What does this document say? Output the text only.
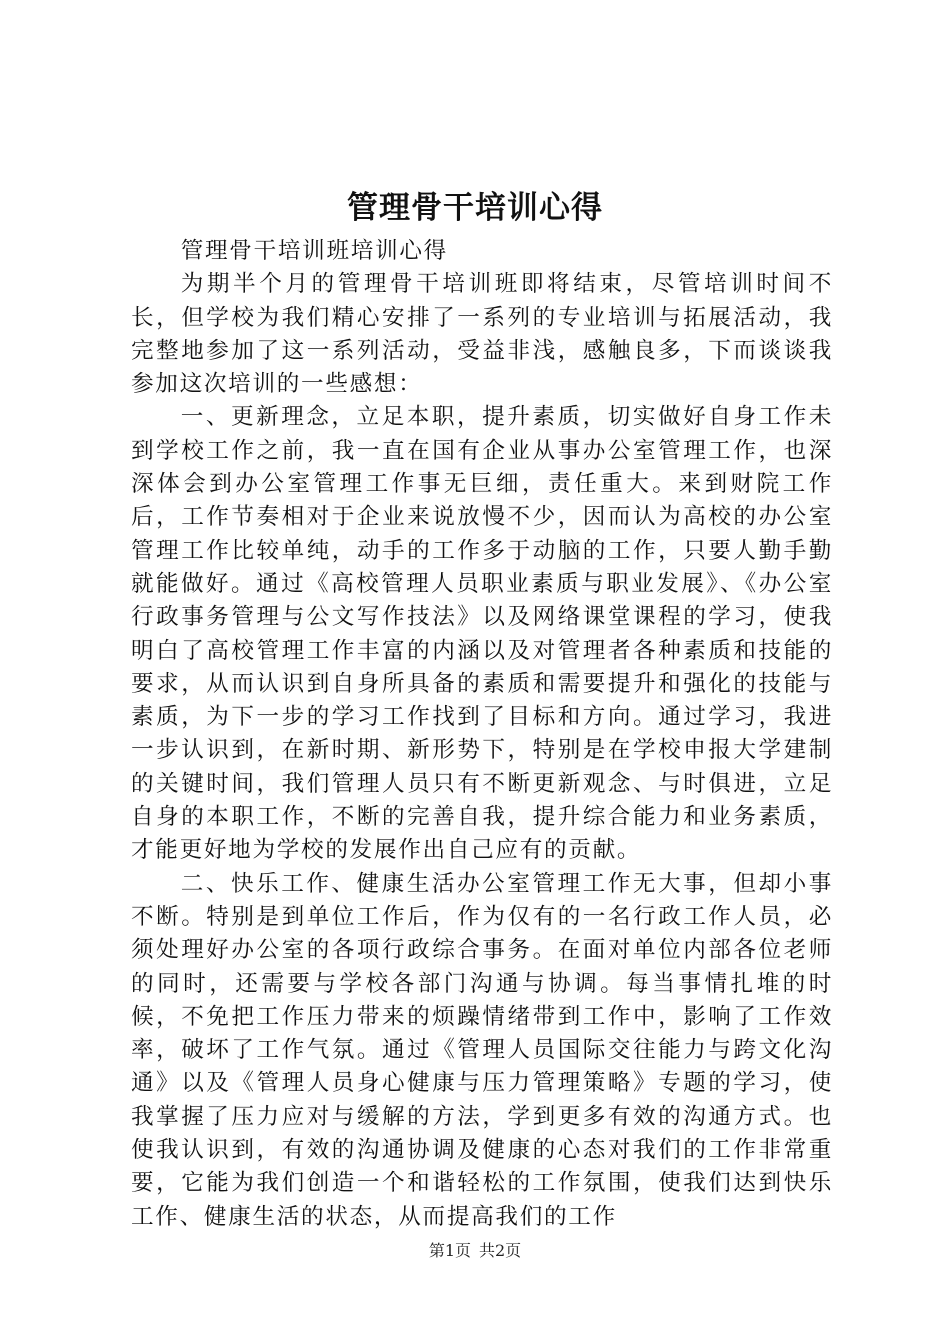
管理骨干培训心得

管理骨干培训班培训心得

为期半个月的管理骨干培训班即将结束，尽管培训时间不长，但学校为我们精心安排了一系列的专业培训与拓展活动，我完整地参加了这一系列活动，受益非浅，感触良多，下而谈谈我参加这次培训的一些感想：

一、更新理念，立足本职，提升素质，切实做好自身工作未到学校工作之前，我一直在国有企业从事办公室管理工作，也深深体会到办公室管理工作事无巨细，责任重大。来到财院工作后，工作节奏相对于企业来说放慢不少，因而认为高校的办公室管理工作比较单纯，动手的工作多于动脑的工作，只要人勤手勤就能做好。通过《高校管理人员职业素质与职业发展》、《办公室行政事务管理与公文写作技法》以及网络课堂课程的学习，使我明白了高校管理工作丰富的内涵以及对管理者各种素质和技能的要求，从而认识到自身所具备的素质和需要提升和强化的技能与素质，为下一步的学习工作找到了目标和方向。通过学习，我进一步认识到，在新时期、新形势下，特别是在学校申报大学建制的关键时间，我们管理人员只有不断更新观念、与时俱进，立足自身的本职工作，不断的完善自我，提升综合能力和业务素质，才能更好地为学校的发展作出自己应有的贡献。

二、快乐工作、健康生活办公室管理工作无大事，但却小事不断。特别是到单位工作后，作为仅有的一名行政工作人员，必须处理好办公室的各项行政综合事务。在面对单位内部各位老师的同时，还需要与学校各部门沟通与协调。每当事情扎堆的时候，不免把工作压力带来的烦躁情绪带到工作中，影响了工作效率，破坏了工作气氛。通过《管理人员国际交往能力与跨文化沟通》以及《管理人员身心健康与压力管理策略》专题的学习，使我掌握了压力应对与缓解的方法，学到更多有效的沟通方式。也使我认识到，有效的沟通协调及健康的心态对我们的工作非常重要，它能为我们创造一个和谐轻松的工作氛围，使我们达到快乐工作、健康生活的状态，从而提高我们的工作

第1页 共2页
